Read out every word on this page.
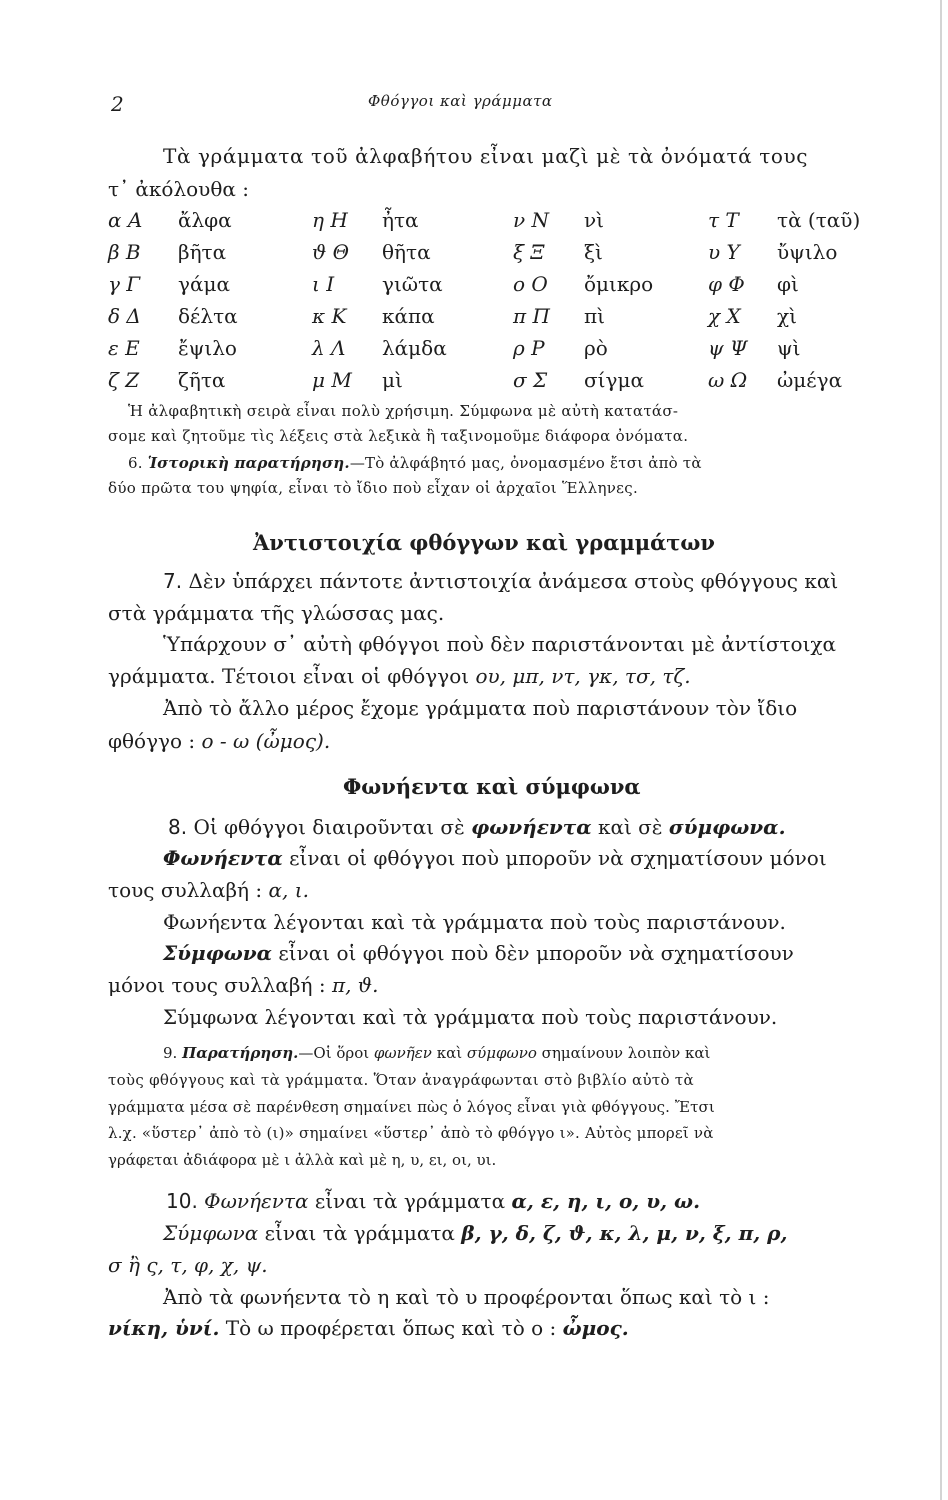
2	Φθόγγοι καὶ γράμματα
Τὰ γράμματα τοῦ ἀλφαβήτου εἶναι μαζὶ μὲ τὰ ὀνόματά τους
τ᾽ ἀκόλουθα :
α Α ἄλφα	η Η ἦτα	ν Ν νὶ	τ Τ τὰ (ταῦ)
β Β βῆτα	ϑ Θ θῆτα	ξ Ξ ξὶ	υ Υ ὔψιλο
γ Γ γάμα	ι Ι γιῶτα	ο Ο ὄμικρο	φ Φ φὶ
δ Δ δέλτα	κ Κ κάπα	π Π πὶ	χ Χ χὶ
ε Ε ἔψιλο	λ Λ λάμδα	ρ Ρ ρὸ	ψ Ψ ψὶ
ζ Ζ ζῆτα	μ Μ μὶ	σ Σ σίγμα	ω Ω ὠμέγα
Ἡ ἀλφαβητικὴ σειρὰ εἶναι πολὺ χρήσιμη. Σύμφωνα μὲ αὐτὴ κατατάσ-
σομε καὶ ζητοῦμε τὶς λέξεις στὰ λεξικὰ ἢ ταξινομοῦμε διάφορα ὀνόματα.
6. Ἱστορικὴ παρατήρηση.—Τὸ ἀλφάβητό μας, ὀνομασμένο ἔτσι ἀπὸ τὰ
δύο πρῶτα του ψηφία, εἶναι τὸ ἴδιο ποὺ εἶχαν οἱ ἀρχαῖοι Ἕλληνες.
Ἀντιστοιχία φθόγγων καὶ γραμμάτων
7. Δὲν ὑπάρχει πάντοτε ἀντιστοιχία ἀνάμεσα στοὺς φθόγγους καὶ
στὰ γράμματα τῆς γλώσσας μας.
Ὑπάρχουν σ᾽ αὐτὴ φθόγγοι ποὺ δὲν παριστάνονται μὲ ἀντίστοιχα
γράμματα. Τέτοιοι εἶναι οἱ φθόγγοι ου, μπ, ντ, γκ, τσ, τζ.
Ἀπὸ τὸ ἄλλο μέρος ἔχομε γράμματα ποὺ παριστάνουν τὸν ἴδιο
φθόγγο : ο - ω (ὦμος).
Φωνήεντα καὶ σύμφωνα
8. Οἱ φθόγγοι διαιροῦνται σὲ φωνήεντα καὶ σὲ σύμφωνα.
Φωνήεντα εἶναι οἱ φθόγγοι ποὺ μποροῦν νὰ σχηματίσουν μόνοι
τους συλλαβή : α, ι.
Φωνήεντα λέγονται καὶ τὰ γράμματα ποὺ τοὺς παριστάνουν.
Σύμφωνα εἶναι οἱ φθόγγοι ποὺ δὲν μποροῦν νὰ σχηματίσουν
μόνοι τους συλλαβή : π, ϑ.
Σύμφωνα λέγονται καὶ τὰ γράμματα ποὺ τοὺς παριστάνουν.
9. Παρατήρηση.—Οἱ ὅροι φωνῆεν καὶ σύμφωνο σημαίνουν λοιπὸν καὶ
τοὺς φθόγγους καὶ τὰ γράμματα. Ὅταν ἀναγράφωνται στὸ βιβλίο αὐτὸ τὰ
γράμματα μέσα σὲ παρένθεση σημαίνει πὼς ὁ λόγος εἶναι γιὰ φθόγγους. Ἔτσι
λ.χ. «ὕστερ᾽ ἀπὸ τὸ (ι)» σημαίνει «ὕστερ᾽ ἀπὸ τὸ φθόγγο ι». Αὐτὸς μπορεῖ νὰ
γράφεται ἀδιάφορα μὲ ι ἀλλὰ καὶ μὲ η, υ, ει, οι, υι.
10. Φωνήεντα εἶναι τὰ γράμματα α, ε, η, ι, ο, υ, ω.
Σύμφωνα εἶναι τὰ γράμματα β, γ, δ, ζ, ϑ, κ, λ, μ, ν, ξ, π, ρ,
σ ἢ ς, τ, φ, χ, ψ.
Ἀπὸ τὰ φωνήεντα τὸ η καὶ τὸ υ προφέρονται ὅπως καὶ τὸ ι :
νίκη, ὑνί. Τὸ ω προφέρεται ὅπως καὶ τὸ ο : ὦμος.
